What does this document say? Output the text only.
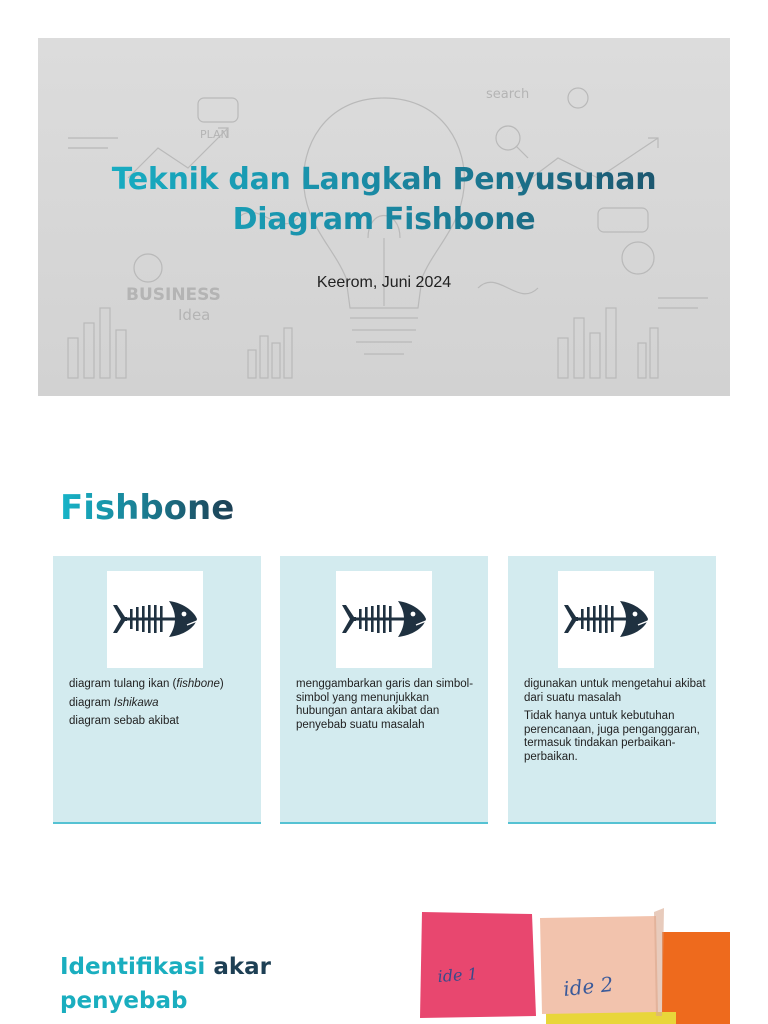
search
PLAN
BUSINESS
Idea
Teknik dan Langkah Penyusunan
Diagram Fishbone
Keerom, Juni 2024
Fishbone

diagram tulang ikan (fishbone)

diagram Ishikawa

diagram sebab akibat

menggambarkan garis dan simbol-simbol yang menunjukkan hubungan antara akibat dan penyebab suatu masalah

digunakan untuk mengetahui akibat dari suatu masalah

Tidak hanya untuk kebutuhan perencanaan, juga penganggaran, termasuk tindakan perbaikan-perbaikan.

Identifikasi akar
penyebab
ide 1	ide 2
